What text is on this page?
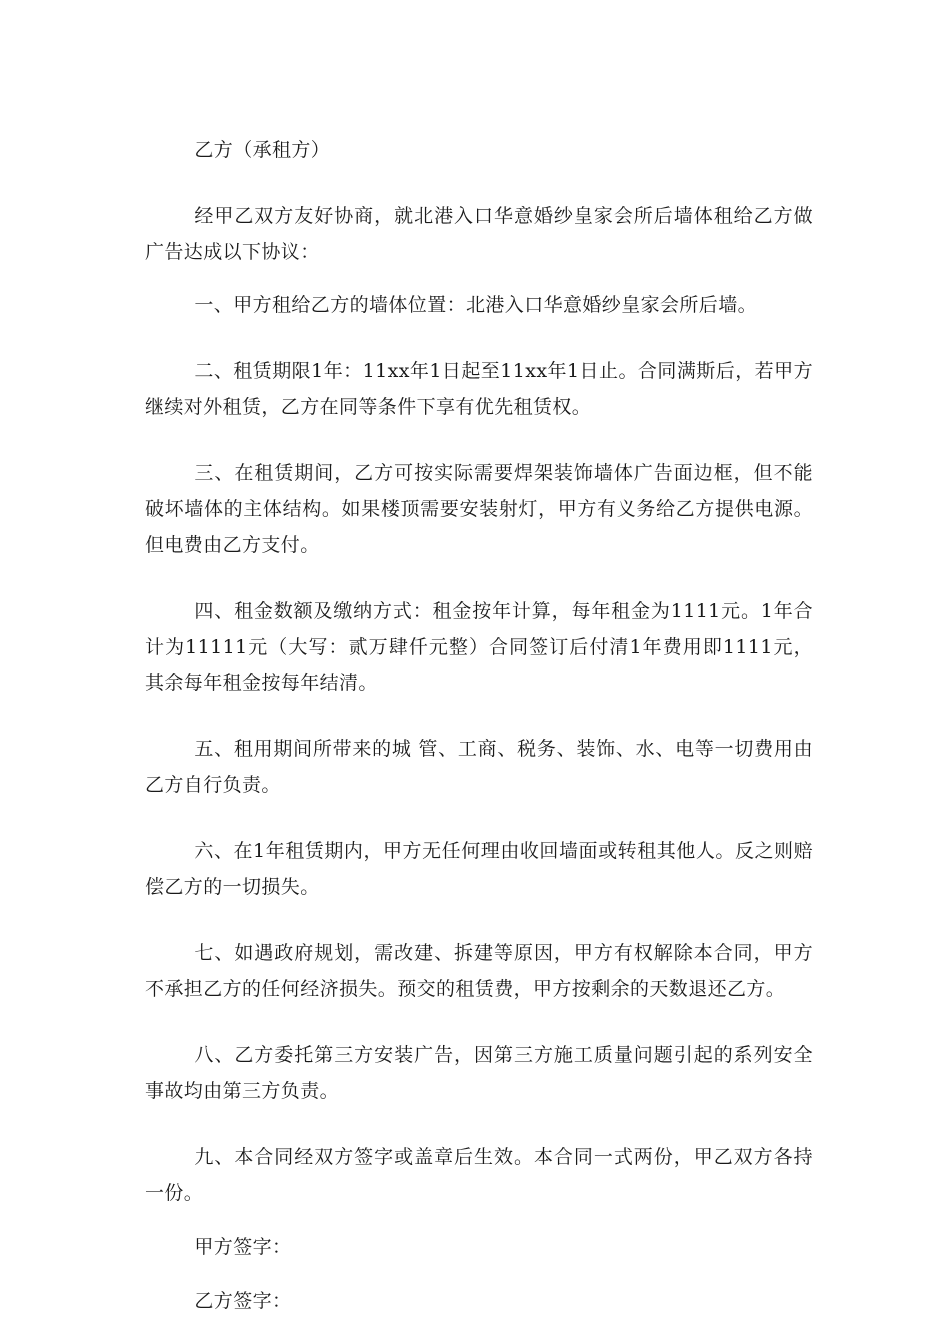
乙方（承租方）

经甲乙双方友好协商，就北港入口华意婚纱皇家会所后墙体租给乙方做广告达成以下协议：

一、甲方租给乙方的墙体位置：北港入口华意婚纱皇家会所后墙。

二、租赁期限1年：11xx年1日起至11xx年1日止。合同满斯后，若甲方继续对外租赁，乙方在同等条件下享有优先租赁权。

三、在租赁期间，乙方可按实际需要焊架装饰墙体广告面边框，但不能破坏墙体的主体结构。如果楼顶需要安装射灯，甲方有义务给乙方提供电源。但电费由乙方支付。

四、租金数额及缴纳方式：租金按年计算，每年租金为1111元。1年合计为11111元（大写：贰万肆仟元整）合同签订后付清1年费用即1111元，其余每年租金按每年结清。

五、租用期间所带来的城 管、工商、税务、装饰、水、电等一切费用由乙方自行负责。

六、在1年租赁期内，甲方无任何理由收回墙面或转租其他人。反之则赔偿乙方的一切损失。

七、如遇政府规划，需改建、拆建等原因，甲方有权解除本合同，甲方不承担乙方的任何经济损失。预交的租赁费，甲方按剩余的天数退还乙方。

八、乙方委托第三方安装广告，因第三方施工质量问题引起的系列安全事故均由第三方负责。

九、本合同经双方签字或盖章后生效。本合同一式两份，甲乙双方各持一份。

甲方签字：

乙方签字：
